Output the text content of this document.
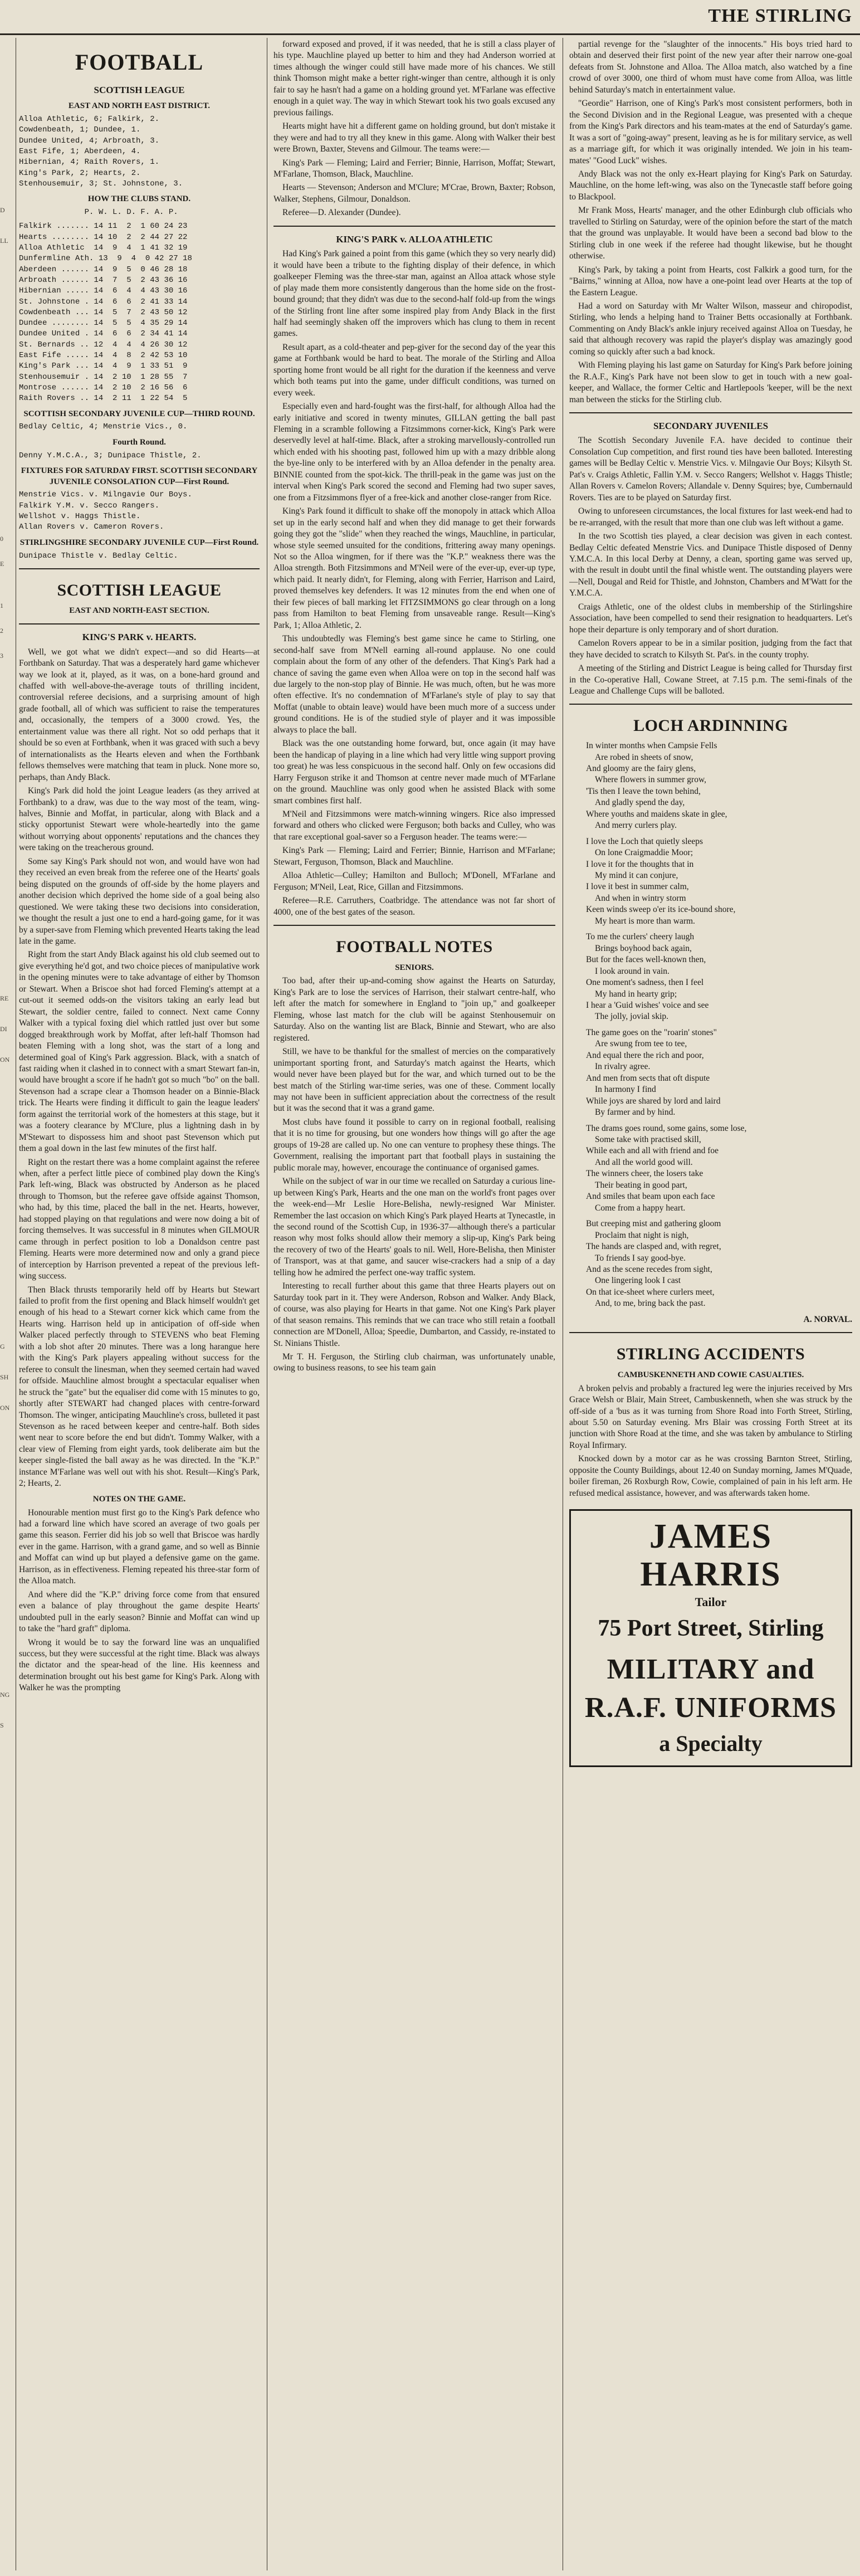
THE STIRLING
D
LL
0
E
1
2
3
RE
DI
ON
G
SH
ON
NG
S
FOOTBALL
SCOTTISH LEAGUE
EAST AND NORTH EAST DISTRICT.
Alloa Athletic, 6; Falkirk, 2.
Cowdenbeath, 1; Dundee, 1.
Dundee United, 4; Arbroath, 3.
East Fife, 1; Aberdeen, 4.
Hibernian, 4; Raith Rovers, 1.
King's Park, 2; Hearts, 2.
Stenhousemuir, 3; St. Johnstone, 3.
HOW THE CLUBS STAND.
P. W. L. D. F. A. P.
Falkirk ....... 14 11  2  1 60 24 23
Hearts ........ 14 10  2  2 44 27 22
Alloa Athletic  14  9  4  1 41 32 19
Dunfermline Ath. 13  9  4  0 42 27 18
Aberdeen ...... 14  9  5  0 46 28 18
Arbroath ...... 14  7  5  2 43 36 16
Hibernian ..... 14  6  4  4 43 30 16
St. Johnstone . 14  6  6  2 41 33 14
Cowdenbeath ... 14  5  7  2 43 50 12
Dundee ........ 14  5  5  4 35 29 14
Dundee United . 14  6  6  2 34 41 14
St. Bernards .. 12  4  4  4 26 30 12
East Fife ..... 14  4  8  2 42 53 10
King's Park ... 14  4  9  1 33 51  9
Stenhousemuir . 14  2 10  1 28 55  7
Montrose ...... 14  2 10  2 16 56  6
Raith Rovers .. 14  2 11  1 22 54  5
SCOTTISH SECONDARY JUVENILE CUP—THIRD ROUND.
Bedlay Celtic, 4; Menstrie Vics., 0.
Fourth Round.
Denny Y.M.C.A., 3; Dunipace Thistle, 2.
FIXTURES FOR SATURDAY FIRST. SCOTTISH SECONDARY JUVENILE CONSOLATION CUP—First Round.
Menstrie Vics. v. Milngavie Our Boys.
Falkirk Y.M. v. Secco Rangers.
Wellshot v. Haggs Thistle.
Allan Rovers v. Cameron Rovers.
STIRLINGSHIRE SECONDARY JUVENILE CUP—First Round.
Dunipace Thistle v. Bedlay Celtic.
SCOTTISH LEAGUE
EAST AND NORTH-EAST SECTION.
KING'S PARK v. HEARTS.

Well, we got what we didn't expect—and so did Hearts—at Forthbank on Saturday. That was a desperately hard game whichever way we look at it, played, as it was, on a bone-hard ground and chaffed with well-above-the-average touts of thrilling incident, controversial referee decisions, and a surprising amount of high grade football, all of which was sufficient to raise the temperatures and, occasionally, the tempers of a 3000 crowd. Yes, the entertainment value was there all right. Not so odd perhaps that it should be so even at Forthbank, when it was graced with such a bevy of internationalists as the Hearts eleven and when the Forthbank fellows themselves were matching that team in pluck. None more so, perhaps, than Andy Black.

King's Park did hold the joint League leaders (as they arrived at Forthbank) to a draw, was due to the way most of the team, wing-halves, Binnie and Moffat, in particular, along with Black and a sticky opportunist Stewart were whole-heartedly into the game without worrying about opponents' reputations and the chances they were taking on the treacherous ground.

Some say King's Park should not won, and would have won had they received an even break from the referee one of the Hearts' goals being disputed on the grounds of off-side by the home players and another decision which deprived the home side of a goal being also questioned. We were taking these two decisions into consideration, we thought the result a just one to end a hard-going game, for it was by a super-save from Fleming which prevented Hearts taking the lead late in the game.

Right from the start Andy Black against his old club seemed out to give everything he'd got, and two choice pieces of manipulative work in the opening minutes were to take advantage of either by Thomson or Stewart. When a Briscoe shot had forced Fleming's attempt at a cut-out it seemed odds-on the visitors taking an early lead but Stewart, the soldier centre, failed to connect. Next came Conny Walker with a typical foxing diel which rattled just over but some dogged breakthrough work by Moffat, after left-half Thomson had beaten Fleming with a long shot, was the start of a long and determined goal of King's Park aggression. Black, with a snatch of fast raiding when it clashed in to connect with a smart Stewart fan-in, would have brought a score if he hadn't got so much "bo" on the ball. Stevenson had a scrape clear a Thomson header on a Binnie-Black trick. The Hearts were finding it difficult to gain the league leaders' form against the territorial work of the homesters at this stage, but it was a footery clearance by M'Clure, plus a lightning dash in by M'Stewart to dispossess him and shoot past Stevenson which put them a goal down in the last few minutes of the first half.

Right on the restart there was a home complaint against the referee when, after a perfect little piece of combined play down the King's Park left-wing, Black was obstructed by Anderson as he placed through to Thomson, but the referee gave offside against Thomson, who had, by this time, placed the ball in the net. Hearts, however, had stopped playing on that regulations and were now doing a bit of forcing themselves. It was successful in 8 minutes when GILMOUR came through in perfect position to lob a Donaldson centre past Fleming. Hearts were more determined now and only a grand piece of interception by Harrison prevented a repeat of the previous left-wing success.

Then Black thrusts temporarily held off by Hearts but Stewart failed to profit from the first opening and Black himself wouldn't get enough of his head to a Stewart corner kick which came from the Hearts wing. Harrison held up in anticipation of off-side when Walker placed perfectly through to STEVENS who beat Fleming with a lob shot after 20 minutes. There was a long harangue here with the King's Park players appealing without success for the referee to consult the linesman, when they seemed certain had waved for offside. Mauchline almost brought a spectacular equaliser when he struck the "gate" but the equaliser did come with 15 minutes to go, shortly after STEWART had changed places with centre-forward Thomson. The winger, anticipating Mauchline's cross, bulleted it past Stevenson as he raced between keeper and centre-half. Both sides went near to score before the end but didn't. Tommy Walker, with a clear view of Fleming from eight yards, took deliberate aim but the keeper single-fisted the ball away as he was directed. In the "K.P." instance M'Farlane was well out with his shot. Result—King's Park, 2; Hearts, 2.

NOTES ON THE GAME.

Honourable mention must first go to the King's Park defence who had a forward line which have scored an average of two goals per game this season. Ferrier did his job so well that Briscoe was hardly ever in the game. Harrison, with a grand game, and so well as Binnie and Moffat can wind up but played a defensive game on the game. Harrison, as in effectiveness. Fleming repeated his three-star form of the Alloa match.

And where did the "K.P." driving force come from that ensured even a balance of play throughout the game despite Hearts' undoubted pull in the early season? Binnie and Moffat can wind up to take the "hard graft" diploma.

Wrong it would be to say the forward line was an unqualified success, but they were successful at the right time. Black was always the dictator and the spear-head of the line. His keenness and determination brought out his best game for King's Park. Along with Walker he was the prompting

forward exposed and proved, if it was needed, that he is still a class player of his type. Mauchline played up better to him and they had Anderson worried at times although the winger could still have made more of his chances. We still think Thomson might make a better right-winger than centre, although it is only fair to say he hasn't had a game on a holding ground yet. M'Farlane was effective enough in a quiet way. The way in which Stewart took his two goals excused any previous failings.

Hearts might have hit a different game on holding ground, but don't mistake it they were and had to try all they knew in this game. Along with Walker their best were Brown, Baxter, Stevens and Gilmour. The teams were:—

King's Park — Fleming; Laird and Ferrier; Binnie, Harrison, Moffat; Stewart, M'Farlane, Thomson, Black, Mauchline.

Hearts — Stevenson; Anderson and M'Clure; M'Crae, Brown, Baxter; Robson, Walker, Stephens, Gilmour, Donaldson.

Referee—D. Alexander (Dundee).

KING'S PARK v. ALLOA ATHLETIC

Had King's Park gained a point from this game (which they so very nearly did) it would have been a tribute to the fighting display of their defence, in which goalkeeper Fleming was the three-star man, against an Alloa attack whose style of play made them more consistently dangerous than the home side on the frost-bound ground; that they didn't was due to the second-half fold-up from the wings of the Stirling front line after some inspired play from Andy Black in the first half had seemingly shaken off the improvers which has clung to them in recent games.

Result apart, as a cold-theater and pep-giver for the second day of the year this game at Forthbank would be hard to beat. The morale of the Stirling and Alloa sporting home front would be all right for the duration if the keenness and verve which both teams put into the game, under difficult conditions, was turned on every week.

Especially even and hard-fought was the first-half, for although Alloa had the early initiative and scored in twenty minutes, GILLAN getting the ball past Fleming in a scramble following a Fitzsimmons corner-kick, King's Park were deservedly level at half-time. Black, after a stroking marvellously-controlled run which ended with his shooting past, followed him up with a mazy dribble along the bye-line only to be interfered with by an Alloa defender in the penalty area. BINNIE counted from the spot-kick. The thrill-peak in the game was just on the interval when King's Park scored the second and Fleming had two super saves, one from a Fitzsimmons flyer of a free-kick and another close-ranger from Rice.

King's Park found it difficult to shake off the monopoly in attack which Alloa set up in the early second half and when they did manage to get their forwards going they got the "slide" when they reached the wings, Mauchline, in particular, whose style seemed unsuited for the conditions, frittering away many openings. Not so the Alloa wingmen, for if there was the "K.P." weakness there was the Alloa strength. Both Fitzsimmons and M'Neil were of the ever-up, ever-up type, which paid. It nearly didn't, for Fleming, along with Ferrier, Harrison and Laird, proved themselves key defenders. It was 12 minutes from the end when one of their few pieces of ball marking let FITZSIMMONS go clear through on a long pass from Hamilton to beat Fleming from unsaveable range. Result—King's Park, 1; Alloa Athletic, 2.

This undoubtedly was Fleming's best game since he came to Stirling, one second-half save from M'Nell earning all-round applause. No one could complain about the form of any other of the defenders. That King's Park had a chance of saving the game even when Alloa were on top in the second half was due largely to the non-stop play of Binnie. He was much, often, but he was more often effective. It's no condemnation of M'Farlane's style of play to say that Moffat (unable to obtain leave) would have been much more of a success under ground conditions. He is of the studied style of player and it was impossible always to place the ball.

Black was the one outstanding home forward, but, once again (it may have been the handicap of playing in a line which had very little wing support proving too great) he was less conspicuous in the second half. Only on few occasions did Harry Ferguson strike it and Thomson at centre never made much of M'Farlane on the ground. Mauchline was only good when he assisted Black with some smart combines first half.

M'Neil and Fitzsimmons were match-winning wingers. Rice also impressed forward and others who clicked were Ferguson; both backs and Culley, who was that rare exceptional goal-saver so a Ferguson header. The teams were:—

King's Park — Fleming; Laird and Ferrier; Binnie, Harrison and M'Farlane; Stewart, Ferguson, Thomson, Black and Mauchline.

Alloa Athletic—Culley; Hamilton and Bulloch; M'Donell, M'Farlane and Ferguson; M'Neil, Leat, Rice, Gillan and Fitzsimmons.

Referee—R.E. Carruthers, Coatbridge. The attendance was not far short of 4000, one of the best gates of the season.

FOOTBALL NOTES
SENIORS.

Too bad, after their up-and-coming show against the Hearts on Saturday, King's Park are to lose the services of Harrison, their stalwart centre-half, who left after the match for somewhere in England to "join up," and goalkeeper Fleming, whose last match for the club will be against Stenhousemuir on Saturday. Also on the wanting list are Black, Binnie and Stewart, who are also registered.

Still, we have to be thankful for the smallest of mercies on the comparatively unimportant sporting front, and Saturday's match against the Hearts, which would never have been played but for the war, and which turned out to be the best match of the Stirling war-time series, was one of these. Comment locally may not have been in sufficient appreciation about the correctness of the result but it was the second that it was a grand game.

Most clubs have found it possible to carry on in regional football, realising that it is no time for grousing, but one wonders how things will go after the age groups of 19-28 are called up. No one can venture to prophesy these things. The Government, realising the important part that football plays in sustaining the public morale may, however, encourage the continuance of organised games.

While on the subject of war in our time we recalled on Saturday a curious line-up between King's Park, Hearts and the one man on the world's front pages over the week-end—Mr Leslie Hore-Belisha, newly-resigned War Minister. Remember the last occasion on which King's Park played Hearts at Tynecastle, in the second round of the Scottish Cup, in 1936-37—although there's a particular reason why most folks should allow their memory a slip-up, King's Park being the recovery of two of the Hearts' goals to nil. Well, Hore-Belisha, then Minister of Transport, was at that game, and saucer wise-crackers had a snip of a day telling how he admired the perfect one-way traffic system.

Interesting to recall further about this game that three Hearts players out on Saturday took part in it. They were Anderson, Robson and Walker. Andy Black, of course, was also playing for Hearts in that game. Not one King's Park player of that season remains. This reminds that we can trace who still retain a football connection are M'Donell, Alloa; Speedie, Dumbarton, and Cassidy, re-instated to St. Ninians Thistle.

Mr T. H. Ferguson, the Stirling club chairman, was unfortunately unable, owing to business reasons, to see his team gain

partial revenge for the "slaughter of the innocents." His boys tried hard to obtain and deserved their first point of the new year after their narrow one-goal defeats from St. Johnstone and Alloa. The Alloa match, also watched by a fine crowd of over 3000, one third of whom must have come from Alloa, was little behind Saturday's match in entertainment value.

"Geordie" Harrison, one of King's Park's most consistent performers, both in the Second Division and in the Regional League, was presented with a cheque from the King's Park directors and his team-mates at the end of Saturday's game. It was a sort of "going-away" present, leaving as he is for military service, as well as a marriage gift, for which it was originally intended. We join in his team-mates' "Good Luck" wishes.

Andy Black was not the only ex-Heart playing for King's Park on Saturday. Mauchline, on the home left-wing, was also on the Tynecastle staff before going to Blackpool.

Mr Frank Moss, Hearts' manager, and the other Edinburgh club officials who travelled to Stirling on Saturday, were of the opinion before the start of the match that the ground was unplayable. It would have been a second bad blow to the Stirling club in one week if the referee had thought likewise, but he thought otherwise.

King's Park, by taking a point from Hearts, cost Falkirk a good turn, for the "Bairns," winning at Alloa, now have a one-point lead over Hearts at the top of the Eastern League.

Had a word on Saturday with Mr Walter Wilson, masseur and chiropodist, Stirling, who lends a helping hand to Trainer Betts occasionally at Forthbank. Commenting on Andy Black's ankle injury received against Alloa on Tuesday, he said that although recovery was rapid the player's display was amazingly good coming so quickly after such a bad knock.

With Fleming playing his last game on Saturday for King's Park before joining the R.A.F., King's Park have not been slow to get in touch with a new goal-keeper, and Wallace, the former Celtic and Hartlepools 'keeper, will be the next man between the sticks for the Stirling club.

SECONDARY JUVENILES

The Scottish Secondary Juvenile F.A. have decided to continue their Consolation Cup competition, and first round ties have been balloted. Interesting games will be Bedlay Celtic v. Menstrie Vics. v. Milngavie Our Boys; Kilsyth St. Pat's v. Craigs Athletic, Fallin Y.M. v. Secco Rangers; Wellshot v. Haggs Thistle; Allan Rovers v. Camelon Rovers; Allandale v. Denny Squires; bye, Cumbernauld Rovers. Ties are to be played on Saturday first.

Owing to unforeseen circumstances, the local fixtures for last week-end had to be re-arranged, with the result that more than one club was left without a game.

In the two Scottish ties played, a clear decision was given in each contest. Bedlay Celtic defeated Menstrie Vics. and Dunipace Thistle disposed of Denny Y.M.C.A. In this local Derby at Denny, a clean, sporting game was served up, with the result in doubt until the final whistle went. The outstanding players were—Nell, Dougal and Reid for Thistle, and Johnston, Chambers and M'Watt for the Y.M.C.A.

Craigs Athletic, one of the oldest clubs in membership of the Stirlingshire Association, have been compelled to send their resignation to headquarters. Let's hope their departure is only temporary and of short duration.

Camelon Rovers appear to be in a similar position, judging from the fact that they have decided to scratch to Kilsyth St. Pat's. in the county trophy.

A meeting of the Stirling and District League is being called for Thursday first in the Co-operative Hall, Cowane Street, at 7.15 p.m. The semi-finals of the League and Challenge Cups will be balloted.

LOCH ARDINNING

In winter months when Campsie Fells

Are robed in sheets of snow,

And gloomy are the fairy glens,

Where flowers in summer grow,

'Tis then I leave the town behind,

And gladly spend the day,

Where youths and maidens skate in glee,

And merry curlers play.

I love the Loch that quietly sleeps

On lone Craigmaddie Moor;

I love it for the thoughts that in

My mind it can conjure,

I love it best in summer calm,

And when in wintry storm

Keen winds sweep o'er its ice-bound shore,

My heart is more than warm.

To me the curlers' cheery laugh

Brings boyhood back again,

But for the faces well-known then,

I look around in vain.

One moment's sadness, then I feel

My hand in hearty grip;

I hear a 'Guid wishes' voice and see

The jolly, jovial skip.

The game goes on the "roarin' stones"

Are swung from tee to tee,

And equal there the rich and poor,

In rivalry agree.

And men from sects that oft dispute

In harmony I find

While joys are shared by lord and laird

By farmer and by hind.

The drams goes round, some gains, some lose,

Some take with practised skill,

While each and all with friend and foe

And all the world good will.

The winners cheer, the losers take

Their beating in good part,

And smiles that beam upon each face

Come from a happy heart.

But creeping mist and gathering gloom

Proclaim that night is nigh,

The hands are clasped and, with regret,

To friends I say good-bye.

And as the scene recedes from sight,

One lingering look I cast

On that ice-sheet where curlers meet,

And, to me, bring back the past.

A. NORVAL.
STIRLING ACCIDENTS
CAMBUSKENNETH AND COWIE CASUALTIES.

A broken pelvis and probably a fractured leg were the injuries received by Mrs Grace Welsh or Blair, Main Street, Cambuskenneth, when she was struck by the off-side of a 'bus as it was turning from Shore Road into Forth Street, Stirling, about 5.50 on Saturday evening. Mrs Blair was crossing Forth Street at its junction with Shore Road at the time, and she was taken by ambulance to Stirling Royal Infirmary.

Knocked down by a motor car as he was crossing Barnton Street, Stirling, opposite the County Buildings, about 12.40 on Sunday morning, James M'Quade, boiler fireman, 26 Roxburgh Row, Cowie, complained of pain in his left arm. He refused medical assistance, however, and was afterwards taken home.

JAMES HARRIS
Tailor
75 Port Street, Stirling
MILITARY and
R.A.F. UNIFORMS
a Specialty
